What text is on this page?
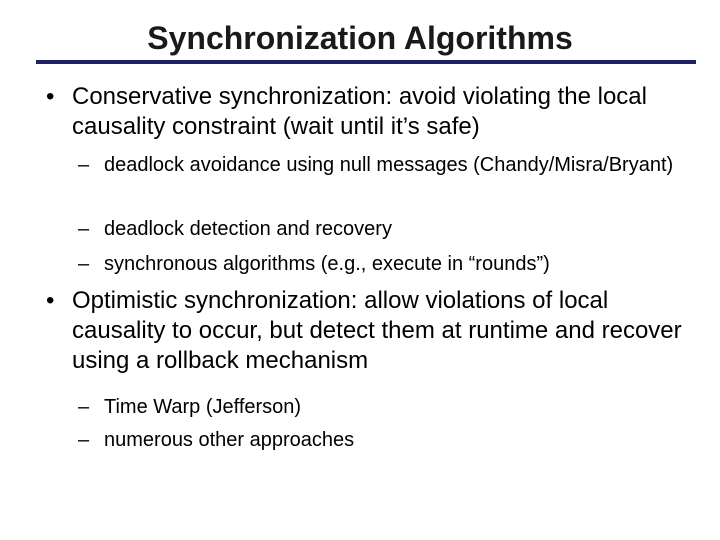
Synchronization Algorithms
• Conservative synchronization: avoid violating the local causality constraint (wait until it’s safe)
– deadlock avoidance using null messages (Chandy/Misra/Bryant)
– deadlock detection and recovery
– synchronous algorithms (e.g., execute in “rounds”)
• Optimistic synchronization: allow violations of local causality to occur, but detect them at runtime and recover using a rollback mechanism
– Time Warp (Jefferson)
– numerous other approaches
